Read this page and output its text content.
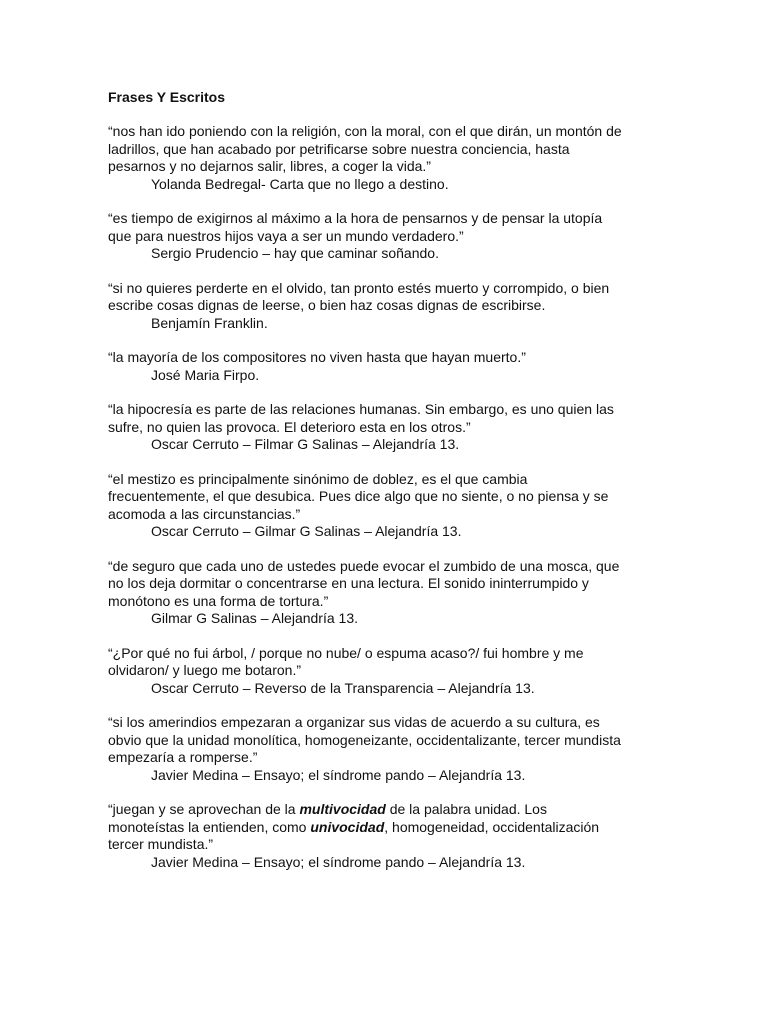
Frases Y Escritos
“nos han ido poniendo con la religión, con la moral, con el que dirán, un montón de
ladrillos, que han acabado por petrificarse sobre nuestra conciencia, hasta
pesarnos y no dejarnos salir, libres, a coger la vida.”
Yolanda Bedregal- Carta que no llego a destino.
“es tiempo de exigirnos al máximo a la hora de pensarnos y de pensar la utopía
que para nuestros hijos vaya a ser un mundo verdadero.”
Sergio Prudencio – hay que caminar soñando.
“si no quieres perderte en el olvido, tan pronto estés muerto y corrompido, o bien
escribe cosas dignas de leerse, o bien haz cosas dignas de escribirse.
Benjamín Franklin.
“la mayoría de los compositores no viven hasta que hayan muerto.”
José Maria Firpo.
“la hipocresía es parte de las relaciones humanas. Sin embargo, es uno quien las
sufre, no quien las provoca. El deterioro esta en los otros.”
Oscar Cerruto – Filmar G Salinas – Alejandría 13.
“el mestizo es principalmente sinónimo de doblez, es el que cambia
frecuentemente, el que desubica. Pues dice algo que no siente, o no piensa y se
acomoda a las circunstancias.”
Oscar Cerruto – Gilmar G Salinas – Alejandría 13.
“de seguro que cada uno de ustedes puede evocar el zumbido de una mosca, que
no los deja dormitar o concentrarse en una lectura. El sonido ininterrumpido y
monótono es una forma de tortura.”
Gilmar G Salinas – Alejandría 13.
“¿Por qué no fui árbol, / porque no nube/ o espuma acaso?/ fui hombre y me
olvidaron/ y luego me botaron.”
Oscar Cerruto – Reverso de la Transparencia – Alejandría 13.
“si los amerindios empezaran a organizar sus vidas de acuerdo a su cultura, es
obvio que la unidad monolítica, homogeneizante, occidentalizante, tercer mundista
empezaría a romperse.”
Javier Medina – Ensayo; el síndrome pando – Alejandría 13.
“juegan y se aprovechan de la multivocidad de la palabra unidad. Los
monoteístas la entienden, como univocidad, homogeneidad, occidentalización
tercer mundista.”
Javier Medina – Ensayo; el síndrome pando – Alejandría 13.
